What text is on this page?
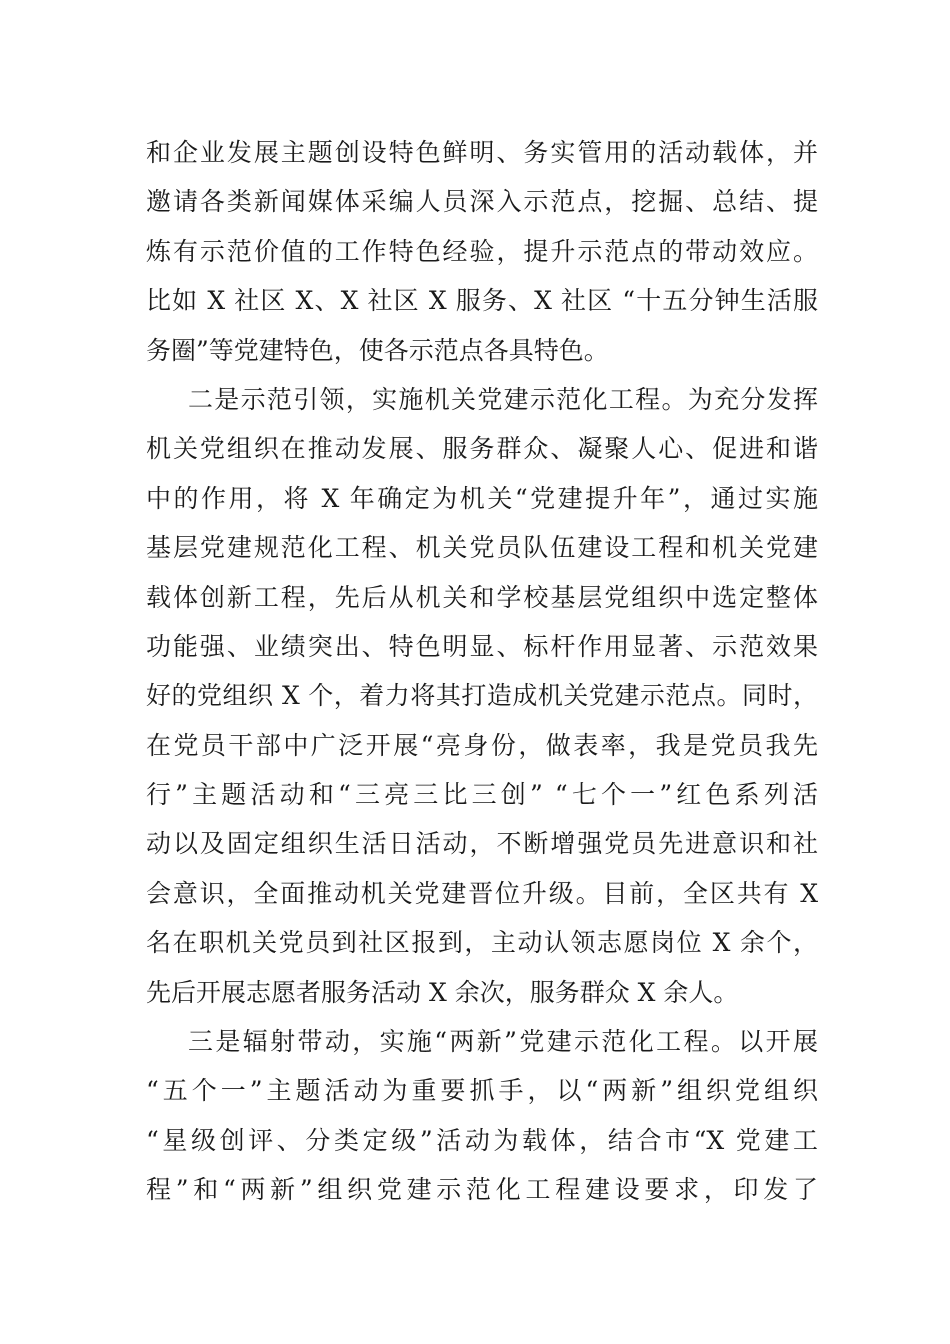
和企业发展主题创设特色鲜明、务实管用的活动载体，并
邀请各类新闻媒体采编人员深入示范点，挖掘、总结、提
炼有示范价值的工作特色经验，提升示范点的带动效应。
比如 X 社区 X、X 社区 X 服务、X 社区 “十五分钟生活服
务圈”等党建特色，使各示范点各具特色。
二是示范引领，实施机关党建示范化工程。为充分发挥
机关党组织在推动发展、服务群众、凝聚人心、促进和谐
中的作用，将 X 年确定为机关“党建提升年”，通过实施
基层党建规范化工程、机关党员队伍建设工程和机关党建
载体创新工程，先后从机关和学校基层党组织中选定整体
功能强、业绩突出、特色明显、标杆作用显著、示范效果
好的党组织 X 个，着力将其打造成机关党建示范点。同时，
在党员干部中广泛开展“亮身份，做表率，我是党员我先
行”主题活动和“三亮三比三创” “七个一”红色系列活
动以及固定组织生活日活动，不断增强党员先进意识和社
会意识，全面推动机关党建晋位升级。目前，全区共有 X
名在职机关党员到社区报到，主动认领志愿岗位 X 余个，
先后开展志愿者服务活动 X 余次，服务群众 X 余人。
三是辐射带动，实施“两新”党建示范化工程。以开展
“五个一”主题活动为重要抓手，以“两新”组织党组织
“星级创评、分类定级”活动为载体，结合市“X 党建工
程”和“两新”组织党建示范化工程建设要求，印发了
